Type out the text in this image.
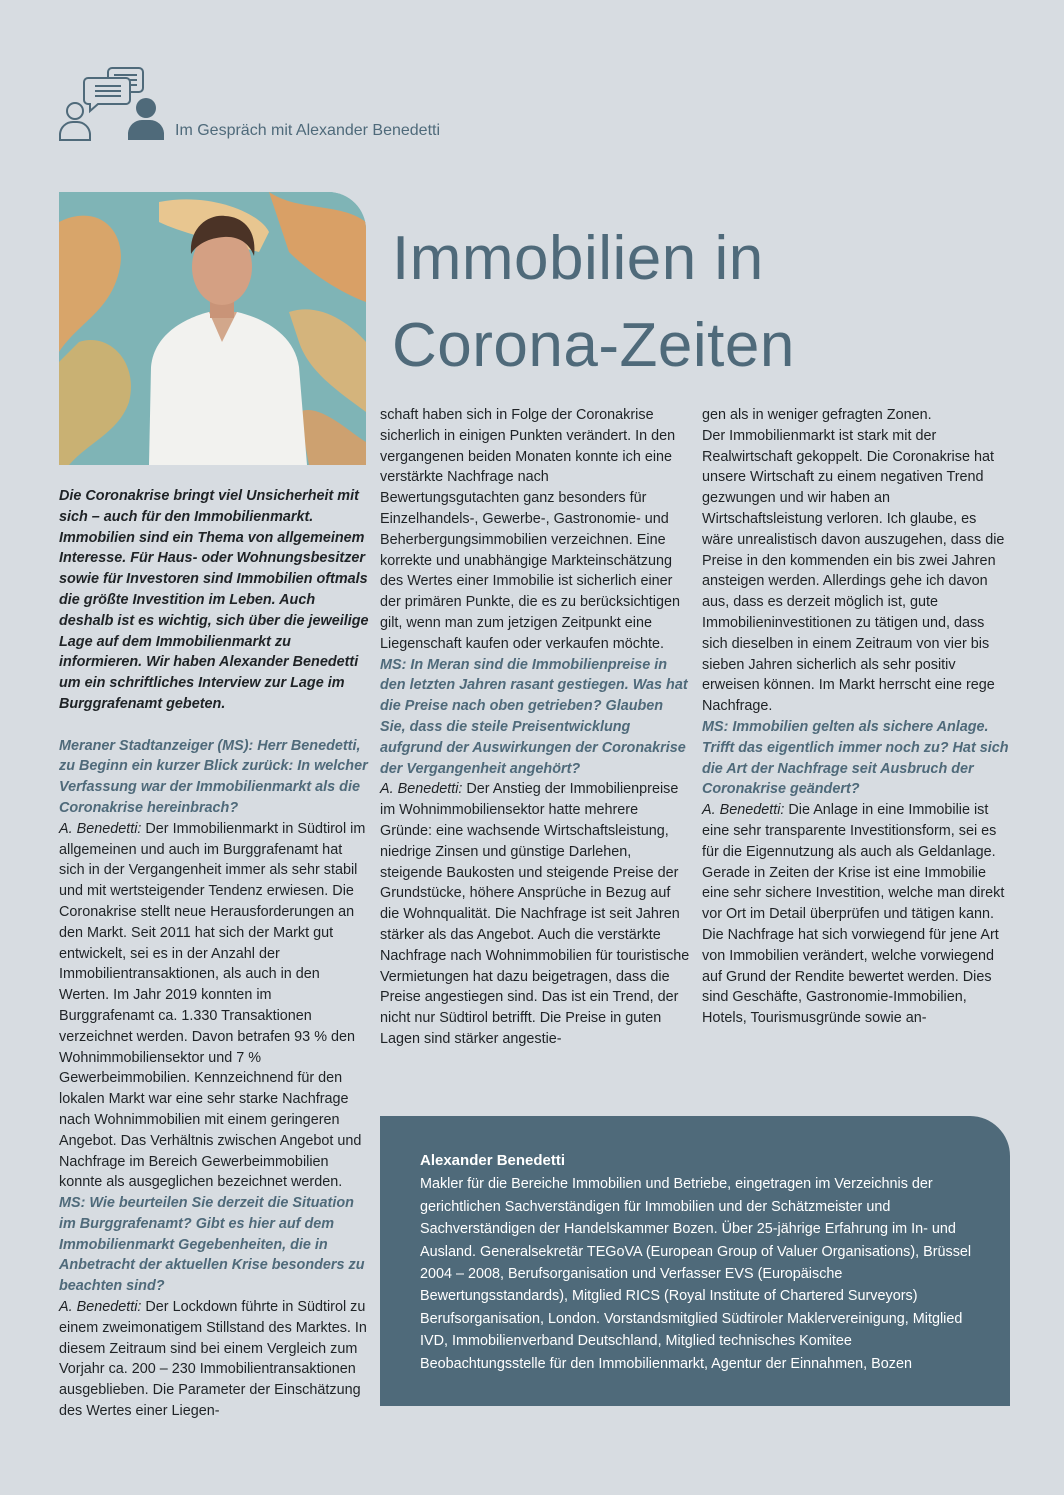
Im Gespräch mit Alexander Benedetti
Immobilien in
Corona-Zeiten

Die Coronakrise bringt viel Unsicherheit mit sich – auch für den Immobilienmarkt. Immobilien sind ein Thema von allgemeinem Interesse. Für Haus- oder Wohnungsbesitzer sowie für Investoren sind Immobilien oftmals die größte Investition im Leben. Auch deshalb ist es wichtig, sich über die jeweilige Lage auf dem Immobilienmarkt zu informieren. Wir haben Alexander Benedetti um ein schriftliches Interview zur Lage im Burggrafenamt gebeten.

Meraner Stadtanzeiger (MS): Herr Benedetti, zu Beginn ein kurzer Blick zurück: In welcher Verfassung war der Immobilienmarkt als die Coronakrise hereinbrach?

A. Benedetti: Der Immobilienmarkt in Südtirol im allgemeinen und auch im Burggrafenamt hat sich in der Vergangenheit immer als sehr stabil und mit wertsteigender Tendenz erwiesen. Die Coronakrise stellt neue Herausforderungen an den Markt. Seit 2011 hat sich der Markt gut entwickelt, sei es in der Anzahl der Immobilientransaktionen, als auch in den Werten. Im Jahr 2019 konnten im Burggrafenamt ca. 1.330 Transaktionen verzeichnet werden. Davon betrafen 93 % den Wohnimmobiliensektor und 7 % Gewerbeimmobilien. Kennzeichnend für den lokalen Markt war eine sehr starke Nachfrage nach Wohnimmobilien mit einem geringeren Angebot. Das Verhältnis zwischen Angebot und Nachfrage im Bereich Gewerbeimmobilien konnte als ausgeglichen bezeichnet werden.

MS: Wie beurteilen Sie derzeit die Situation im Burggrafenamt? Gibt es hier auf dem Immobilienmarkt Gegebenheiten, die in Anbetracht der aktuellen Krise besonders zu beachten sind?

A. Benedetti: Der Lockdown führte in Südtirol zu einem zweimonatigem Stillstand des Marktes. In diesem Zeitraum sind bei einem Vergleich zum Vorjahr ca. 200 – 230 Immobilientransaktionen ausgeblieben. Die Parameter der Einschätzung des Wertes einer Liegen-

schaft haben sich in Folge der Coronakrise sicherlich in einigen Punkten verändert. In den vergangenen beiden Monaten konnte ich eine verstärkte Nachfrage nach Bewertungsgutachten ganz besonders für Einzelhandels-, Gewerbe-, Gastronomie- und Beherbergungsimmobilien verzeichnen. Eine korrekte und unabhängige Markteinschätzung des Wertes einer Immobilie ist sicherlich einer der primären Punkte, die es zu berücksichtigen gilt, wenn man zum jetzigen Zeitpunkt eine Liegenschaft kaufen oder verkaufen möchte.

MS: In Meran sind die Immobilienpreise in den letzten Jahren rasant gestiegen. Was hat die Preise nach oben getrieben? Glauben Sie, dass die steile Preisentwicklung aufgrund der Auswirkungen der Coronakrise der Vergangenheit angehört?

A. Benedetti: Der Anstieg der Immobilienpreise im Wohnimmobiliensektor hatte mehrere Gründe: eine wachsende Wirtschaftsleistung, niedrige Zinsen und günstige Darlehen, steigende Baukosten und steigende Preise der Grundstücke, höhere Ansprüche in Bezug auf die Wohnqualität. Die Nachfrage ist seit Jahren stärker als das Angebot. Auch die verstärkte Nachfrage nach Wohnimmobilien für touristische Vermietungen hat dazu beigetragen, dass die Preise angestiegen sind. Das ist ein Trend, der nicht nur Südtirol betrifft. Die Preise in guten Lagen sind stärker angestie-

gen als in weniger gefragten Zonen.

Der Immobilienmarkt ist stark mit der Realwirtschaft gekoppelt. Die Coronakrise hat unsere Wirtschaft zu einem negativen Trend gezwungen und wir haben an Wirtschaftsleistung verloren. Ich glaube, es wäre unrealistisch davon auszugehen, dass die Preise in den kommenden ein bis zwei Jahren ansteigen werden. Allerdings gehe ich davon aus, dass es derzeit möglich ist, gute Immobilieninvestitionen zu tätigen und, dass sich dieselben in einem Zeitraum von vier bis sieben Jahren sicherlich als sehr positiv erweisen können. Im Markt herrscht eine rege Nachfrage.

MS: Immobilien gelten als sichere Anlage. Trifft das eigentlich immer noch zu? Hat sich die Art der Nachfrage seit Ausbruch der Coronakrise geändert?

A. Benedetti: Die Anlage in eine Immobilie ist eine sehr transparente Investitionsform, sei es für die Eigennutzung als auch als Geldanlage. Gerade in Zeiten der Krise ist eine Immobilie eine sehr sichere Investition, welche man direkt vor Ort im Detail überprüfen und tätigen kann.

Die Nachfrage hat sich vorwiegend für jene Art von Immobilien verändert, welche vorwiegend auf Grund der Rendite bewertet werden. Dies sind Geschäfte, Gastronomie-Immobilien, Hotels, Tourismusgründe sowie an-

Alexander Benedetti
Makler für die Bereiche Immobilien und Betriebe, eingetragen im Verzeichnis der gerichtlichen Sachverständigen für Immobilien und der Schätzmeister und Sachverständigen der Handelskammer Bozen. Über 25-jährige Erfahrung im In- und Ausland. Generalsekretär TEGoVA (European Group of Valuer Organisations), Brüssel 2004 – 2008, Berufsorganisation und Verfasser EVS (Europäische Bewertungsstandards), Mitglied RICS (Royal Institute of Chartered Surveyors) Berufsorganisation, London. Vorstandsmitglied Südtiroler Maklervereinigung, Mitglied IVD, Immobilienverband Deutschland, Mitglied technisches Komitee Beobachtungsstelle für den Immobilienmarkt, Agentur der Einnahmen, Bozen
